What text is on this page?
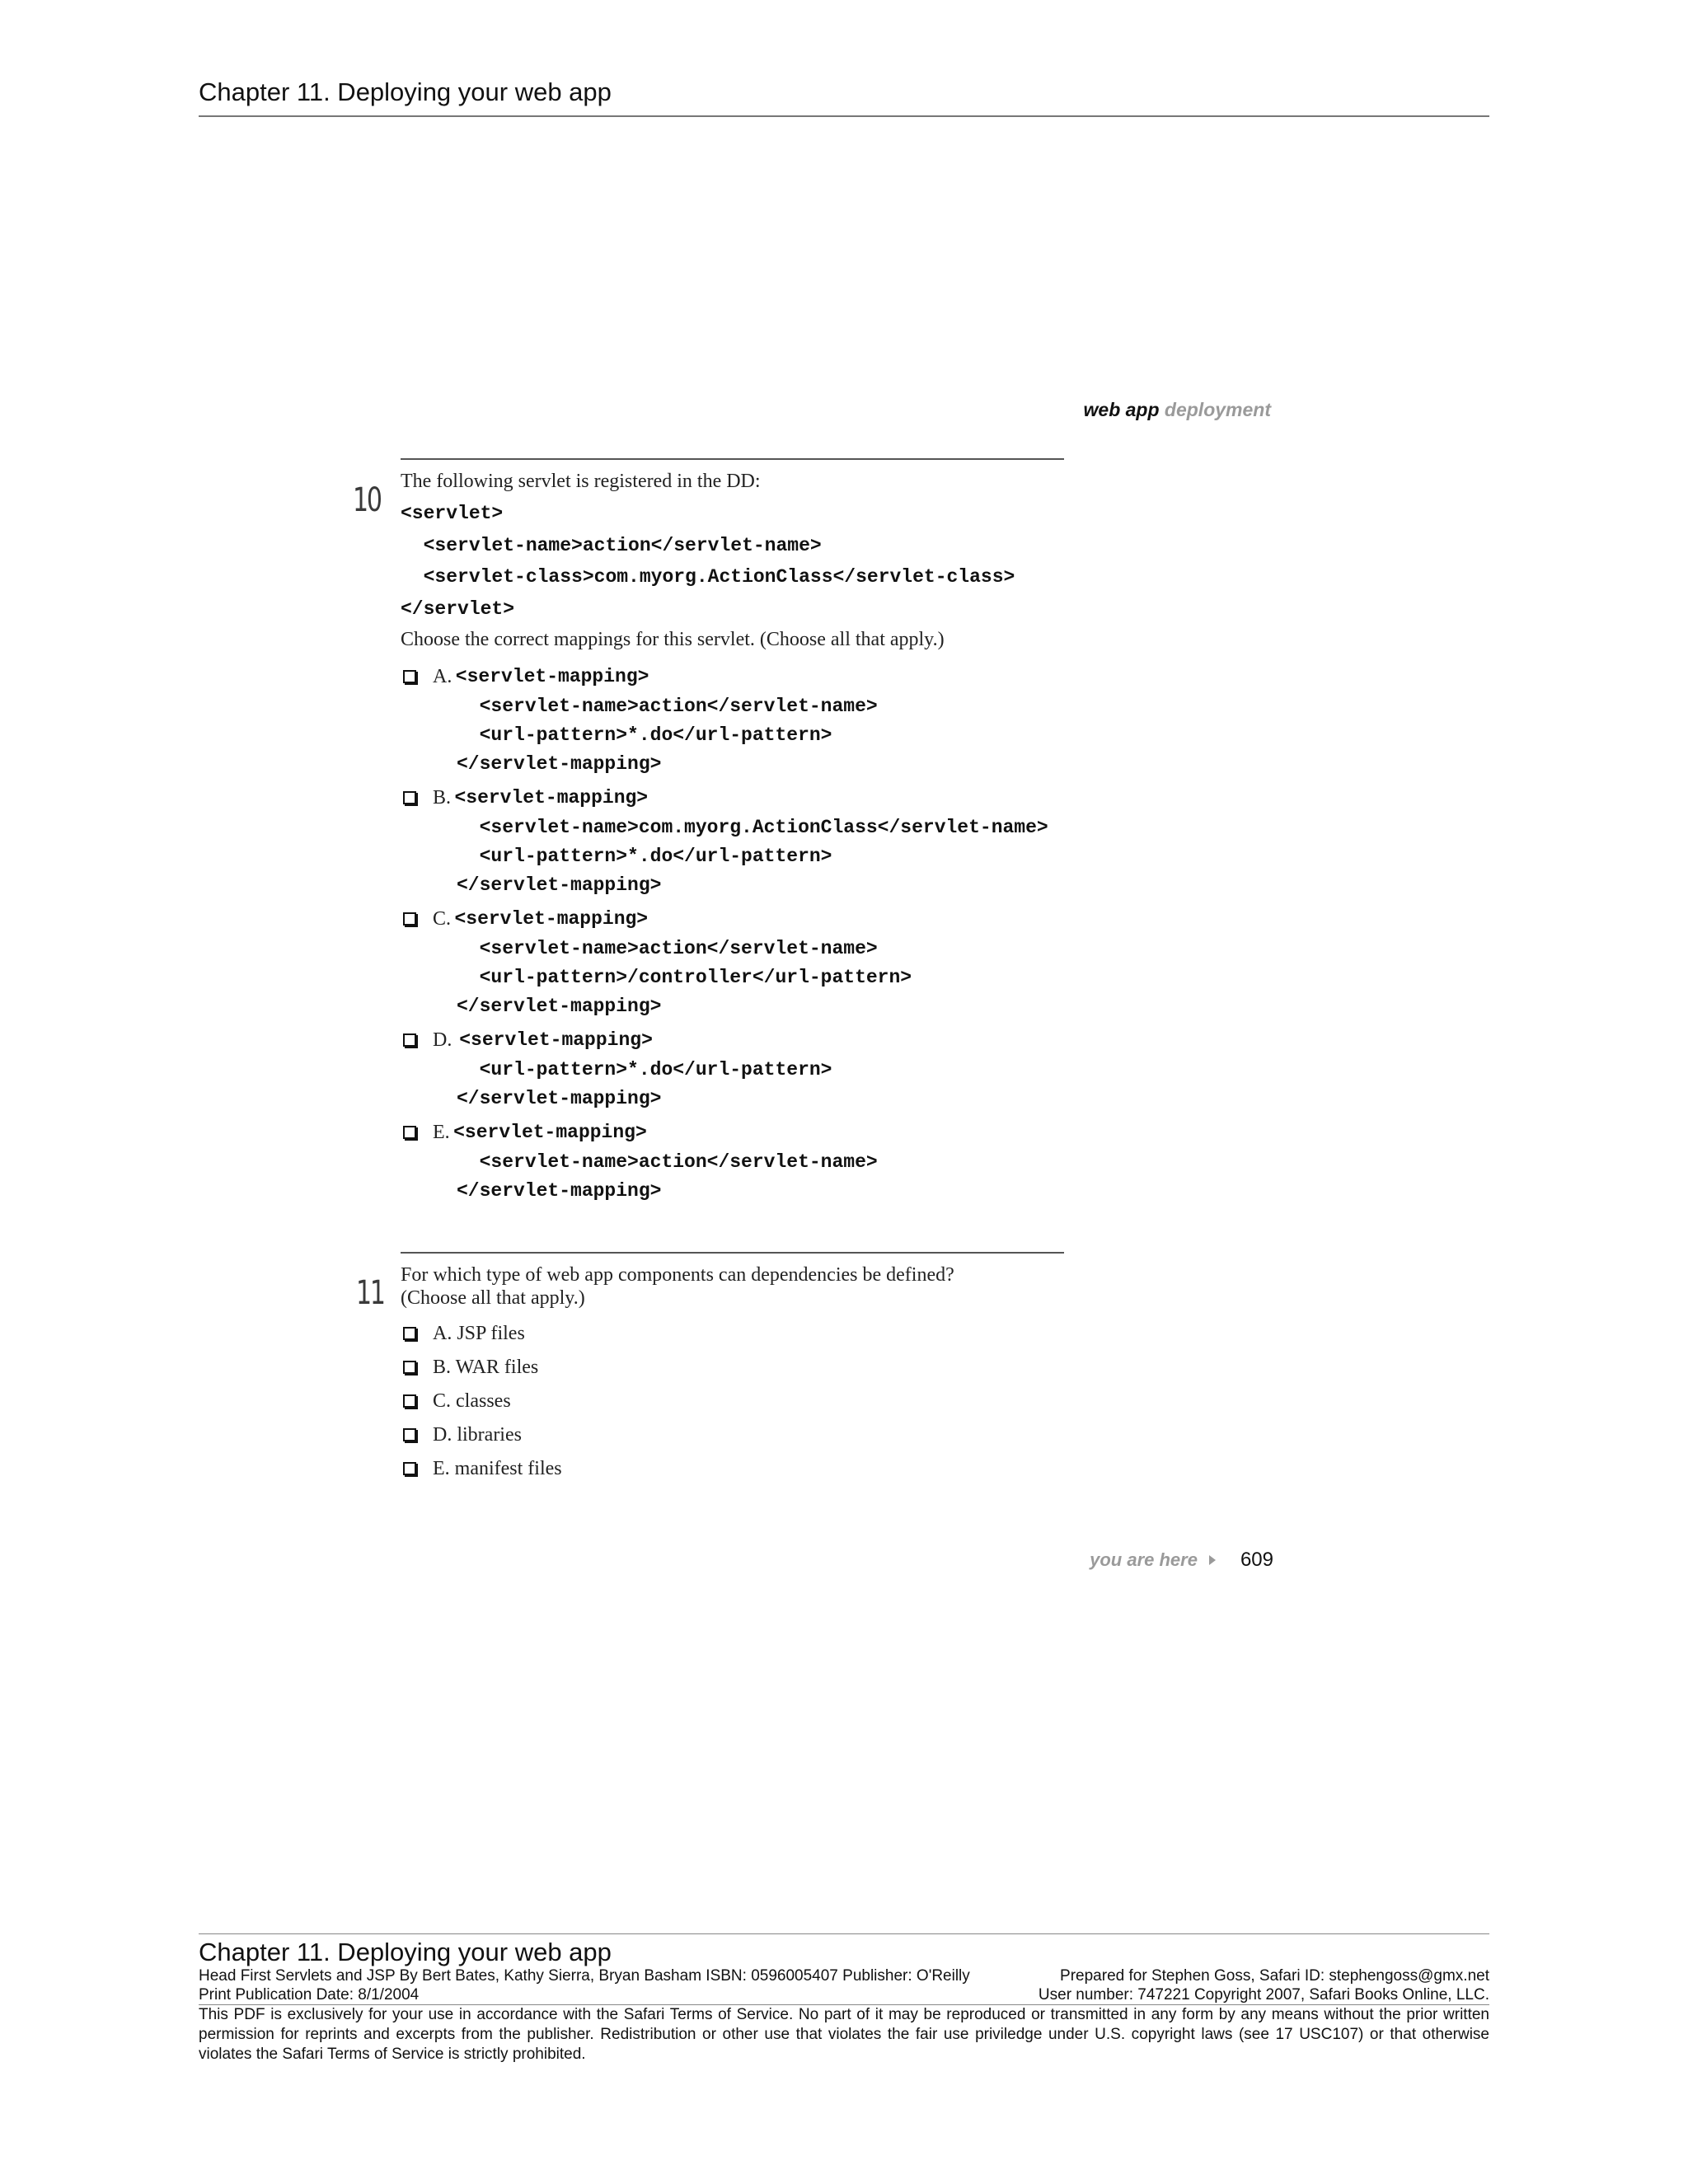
Chapter 11. Deploying your web app
web app deployment
10 The following servlet is registered in the DD:
<servlet>
<servlet-name>action</servlet-name>
<servlet-class>com.myorg.ActionClass</servlet-class>
</servlet>
Choose the correct mappings for this servlet. (Choose all that apply.)
A.
<servlet-mapping>
<servlet-name>action</servlet-name>
<url-pattern>*.do</url-pattern>
</servlet-mapping>
B.
<servlet-mapping>
<servlet-name>com.myorg.ActionClass</servlet-name>
<url-pattern>*.do</url-pattern>
</servlet-mapping>
C.
<servlet-mapping>
<servlet-name>action</servlet-name>
<url-pattern>/controller</url-pattern>
</servlet-mapping>
D.
<servlet-mapping>
<url-pattern>*.do</url-pattern>
</servlet-mapping>
E.
<servlet-mapping>
<servlet-name>action</servlet-name>
</servlet-mapping>
11 For which type of web app components can dependencies be defined?
(Choose all that apply.)
A. JSP files
B. WAR files
C. classes
D. libraries
E. manifest files
you are here 609
Chapter 11. Deploying your web app
Head First Servlets and JSP By Bert Bates, Kathy Sierra, Bryan Basham ISBN: 0596005407 Publisher: O'Reilly	Prepared for Stephen Goss, Safari ID: stephengoss@gmx.net
Print Publication Date: 8/1/2004	User number: 747221 Copyright 2007, Safari Books Online, LLC.
This PDF is exclusively for your use in accordance with the Safari Terms of Service. No part of it may be reproduced or transmitted in any form by any means without the prior written permission for reprints and excerpts from the publisher. Redistribution or other use that violates the fair use priviledge under U.S. copyright laws (see 17 USC107) or that otherwise violates the Safari Terms of Service is strictly prohibited.
